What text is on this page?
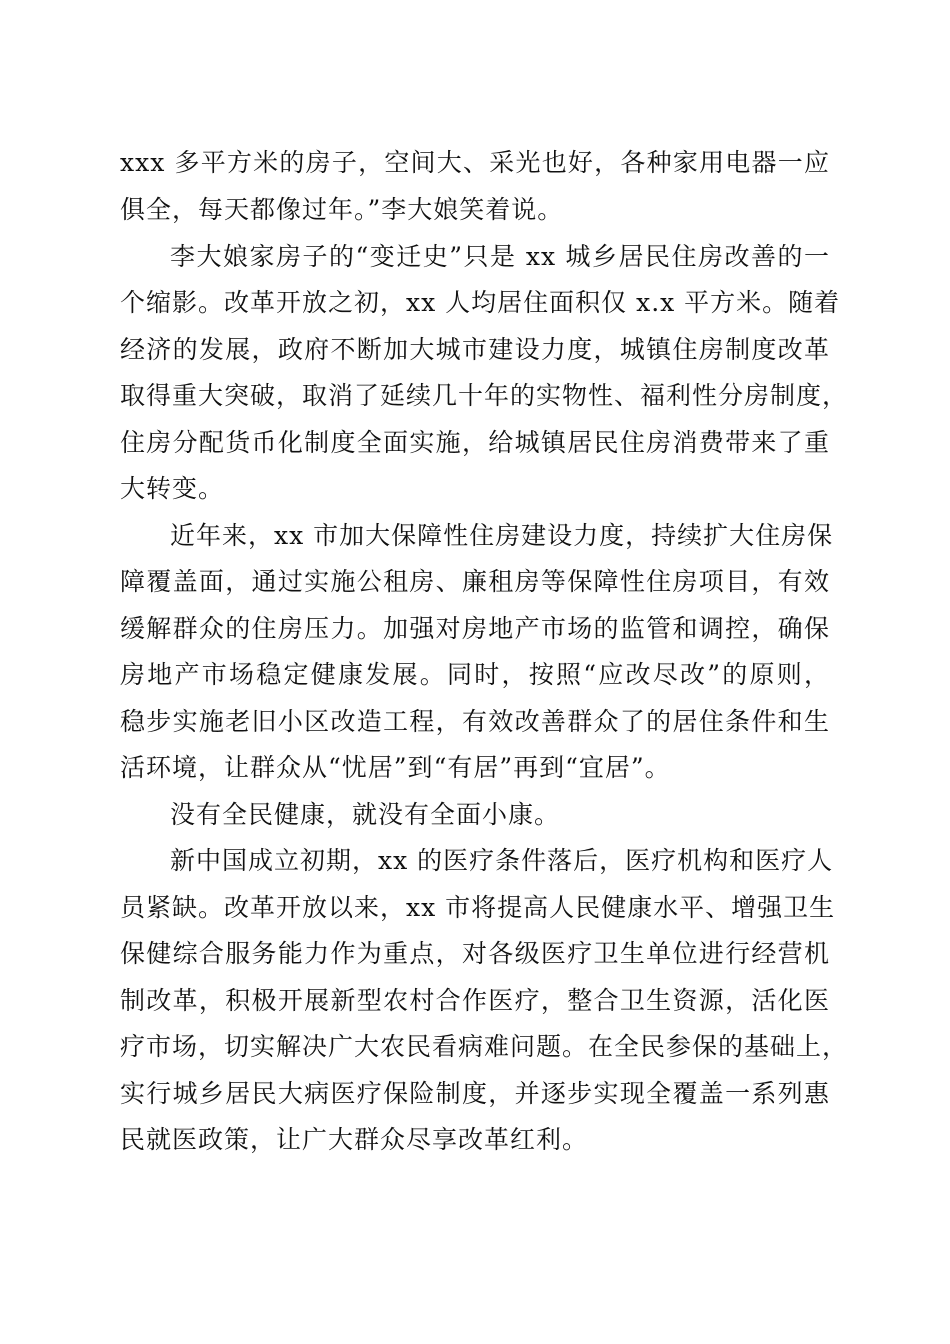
xxx 多平方米的房子，空间大、采光也好，各种家用电器一应
俱全，每天都像过年。”李大娘笑着说。
李大娘家房子的“变迁史”只是 xx 城乡居民住房改善的一
个缩影。改革开放之初，xx 人均居住面积仅 x.x 平方米。随着
经济的发展，政府不断加大城市建设力度，城镇住房制度改革
取得重大突破，取消了延续几十年的实物性、福利性分房制度，
住房分配货币化制度全面实施，给城镇居民住房消费带来了重
大转变。
近年来，xx 市加大保障性住房建设力度，持续扩大住房保
障覆盖面，通过实施公租房、廉租房等保障性住房项目，有效
缓解群众的住房压力。加强对房地产市场的监管和调控，确保
房地产市场稳定健康发展。同时，按照“应改尽改”的原则，
稳步实施老旧小区改造工程，有效改善群众了的居住条件和生
活环境，让群众从“忧居”到“有居”再到“宜居”。
没有全民健康，就没有全面小康。
新中国成立初期，xx 的医疗条件落后，医疗机构和医疗人
员紧缺。改革开放以来，xx 市将提高人民健康水平、增强卫生
保健综合服务能力作为重点，对各级医疗卫生单位进行经营机
制改革，积极开展新型农村合作医疗，整合卫生资源，活化医
疗市场，切实解决广大农民看病难问题。在全民参保的基础上，
实行城乡居民大病医疗保险制度，并逐步实现全覆盖一系列惠
民就医政策，让广大群众尽享改革红利。
